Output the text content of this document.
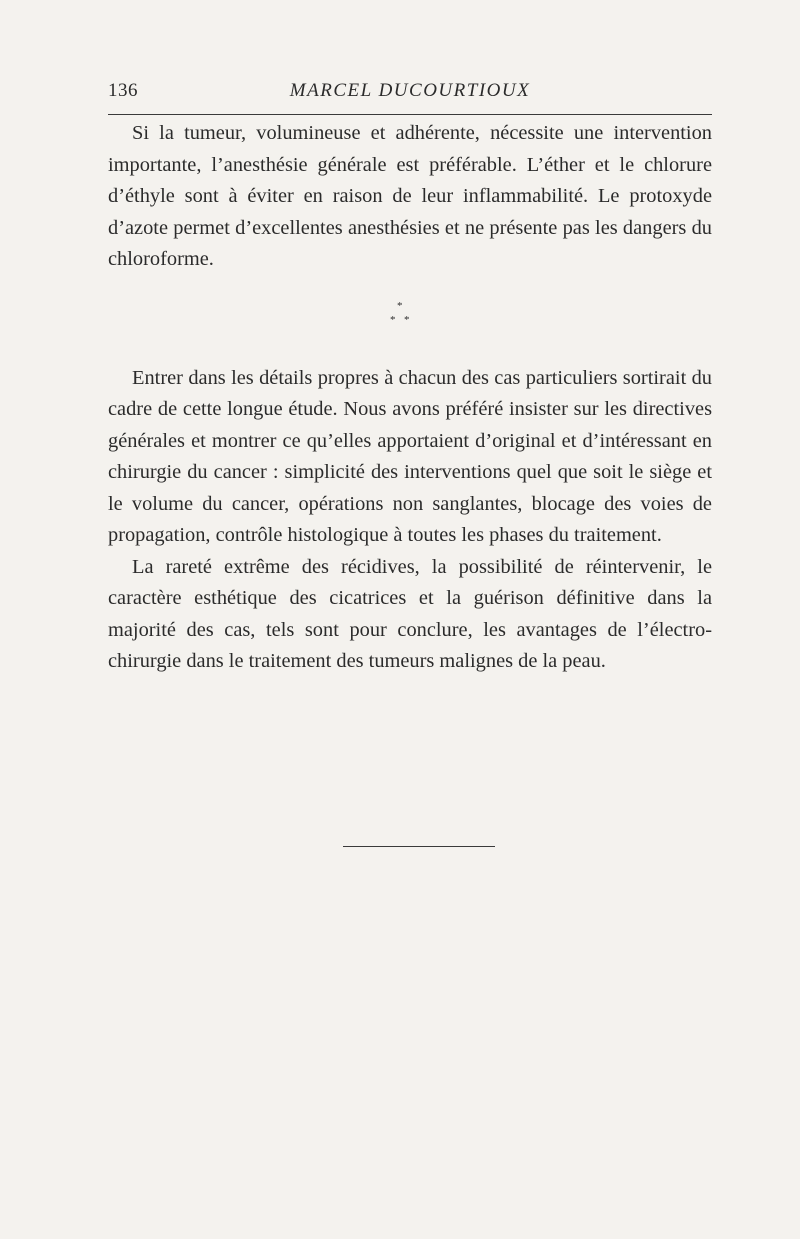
136	MARCEL DUCOURTIOUX

Si la tumeur, volumineuse et adhérente, nécessite une intervention importante, l’anesthésie générale est préférable. L’éther et le chlorure d’éthyle sont à éviter en raison de leur inflammabilité. Le protoxyde d’azote permet d’excellentes anesthésies et ne présente pas les dangers du chloroforme.

*
* *

Entrer dans les détails propres à chacun des cas particuliers sortirait du cadre de cette longue étude. Nous avons préféré insister sur les directives générales et montrer ce qu’elles apportaient d’original et d’intéressant en chirurgie du cancer : simplicité des interventions quel que soit le siège et le volume du cancer, opérations non sanglantes, blocage des voies de propagation, contrôle histologique à toutes les phases du traitement.

La rareté extrême des récidives, la possibilité de réintervenir, le caractère esthétique des cicatrices et la guérison définitive dans la majorité des cas, tels sont pour conclure, les avantages de l’électrochirurgie dans le traitement des tumeurs malignes de la peau.
